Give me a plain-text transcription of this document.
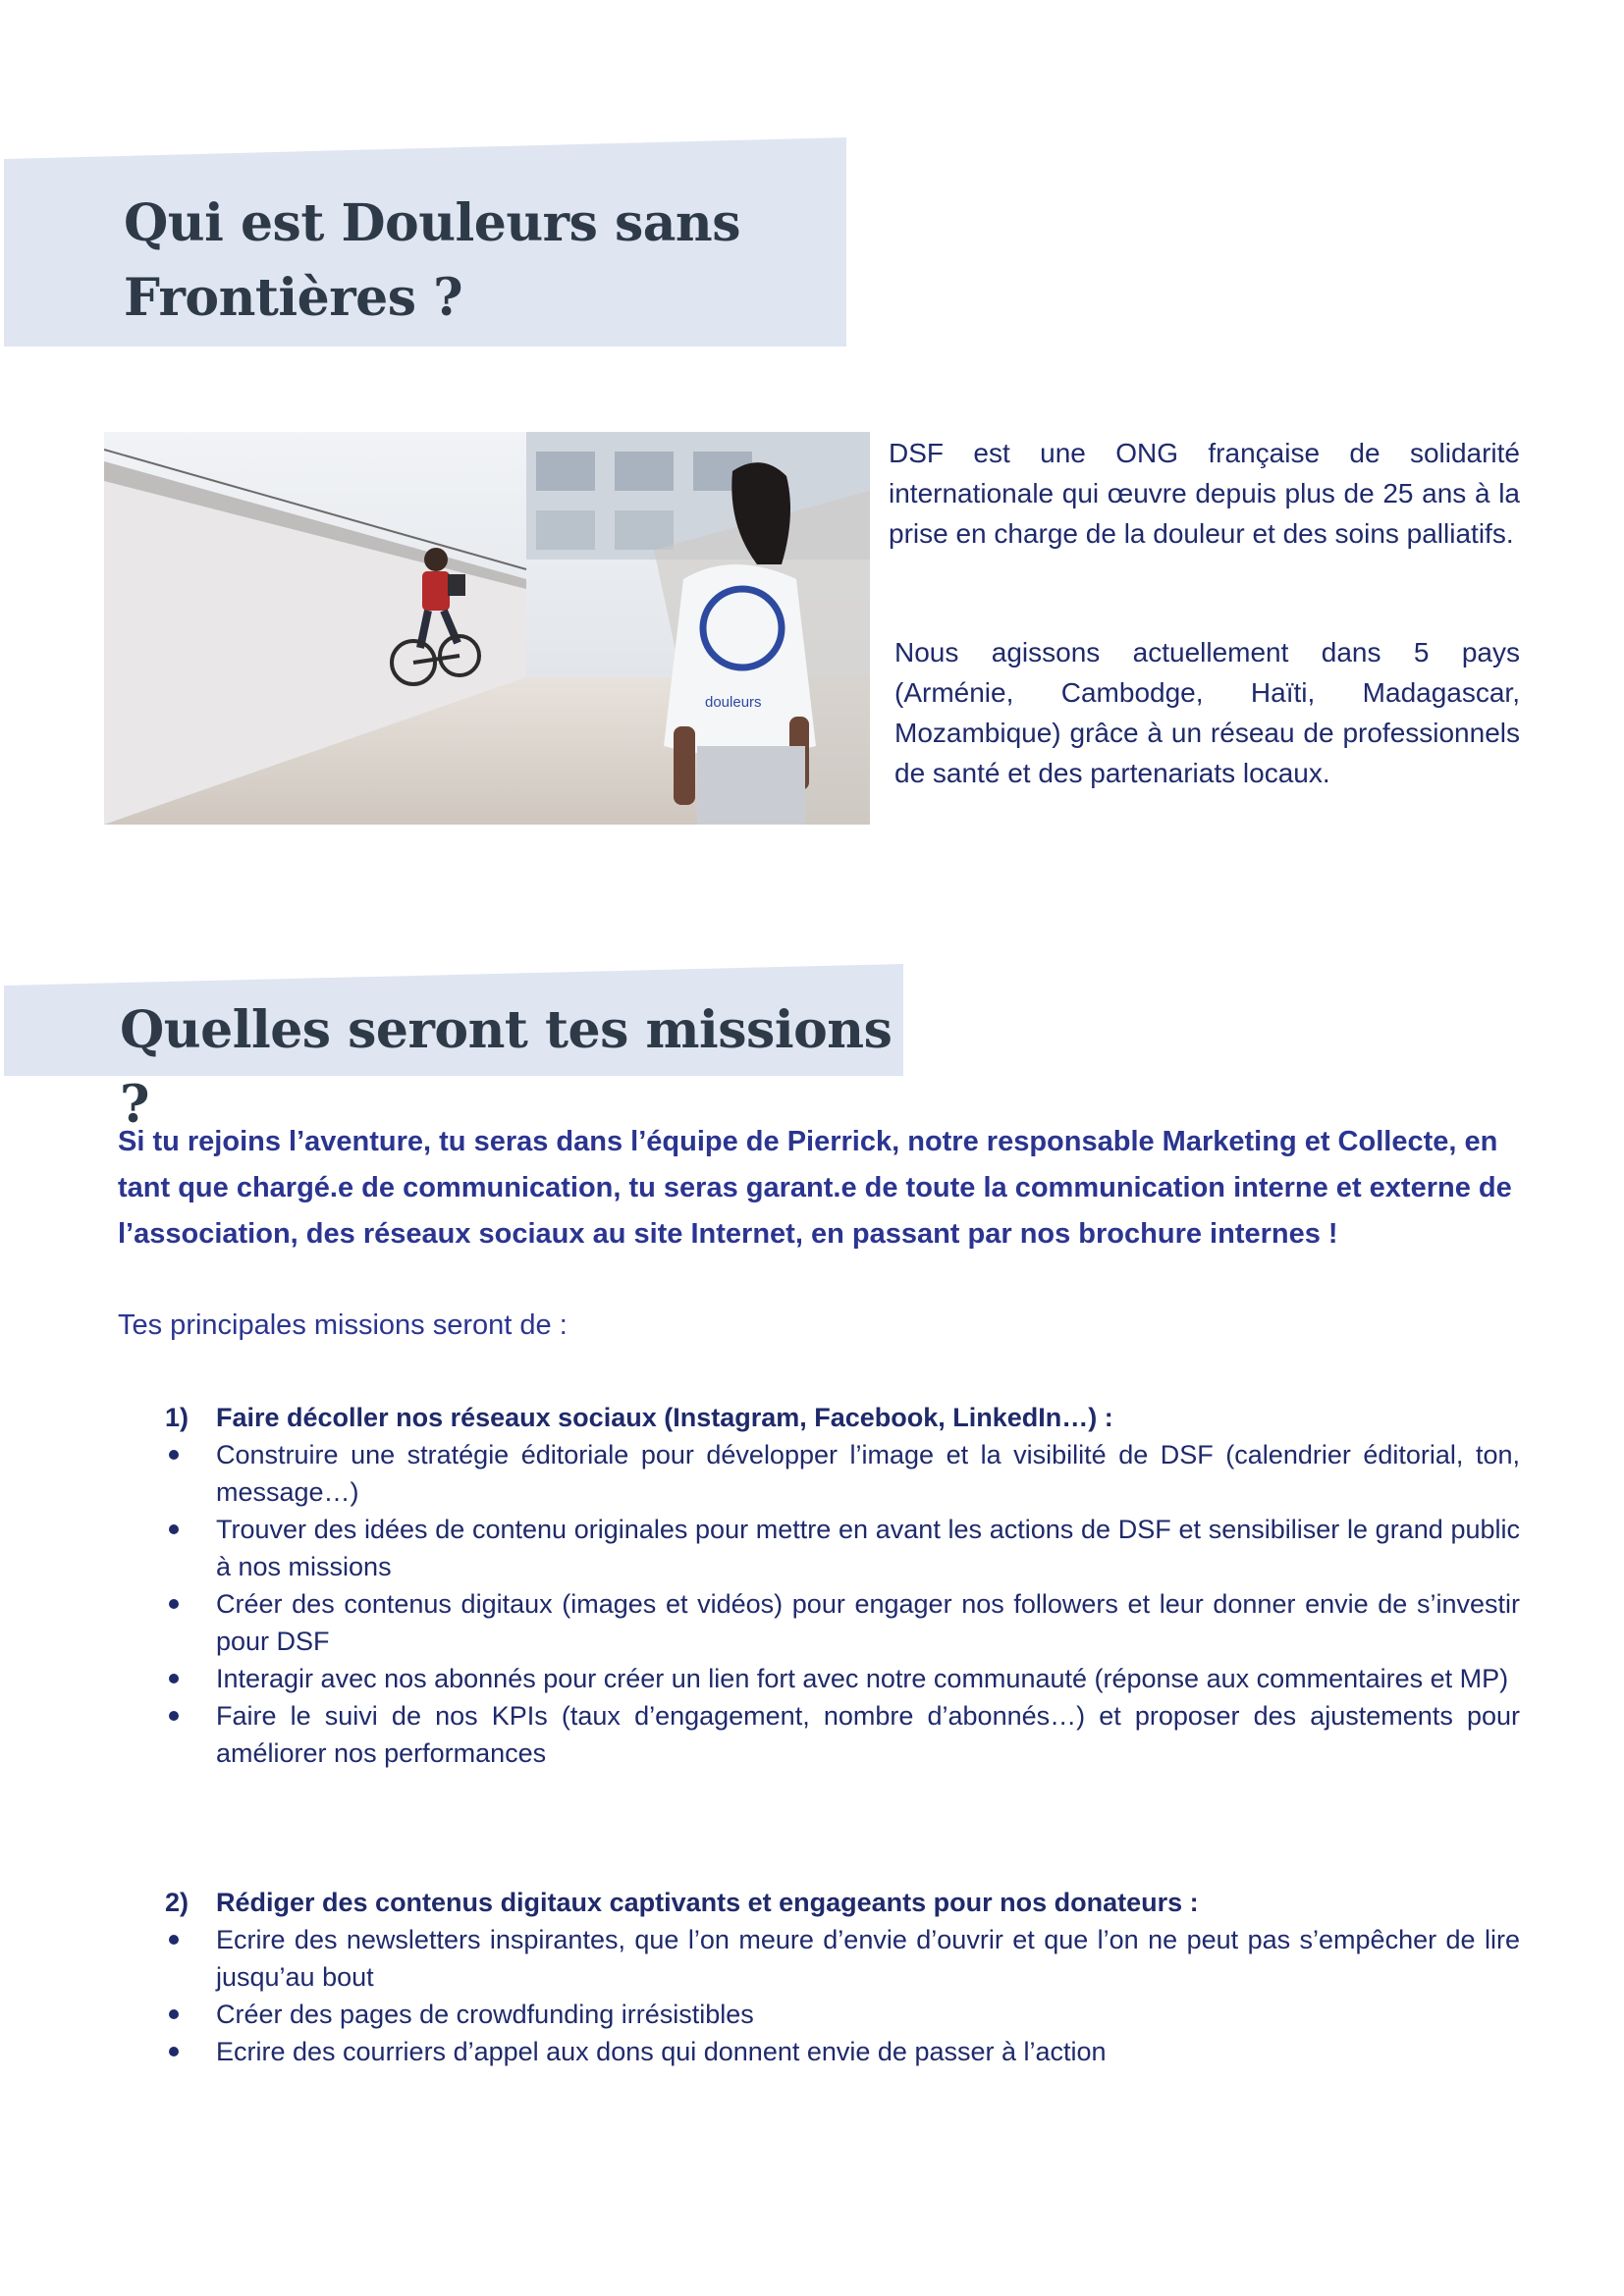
Qui est Douleurs sans Frontières ?
douleurs

DSF est une ONG française de solidarité internationale qui œuvre depuis plus de 25 ans à la prise en charge de la douleur et des soins palliatifs.

Nous agissons actuellement dans 5 pays (Arménie, Cambodge, Haïti, Madagascar, Mozambique) grâce à un réseau de professionnels de santé et des partenariats locaux.

Quelles seront tes missions ?

Si tu rejoins l’aventure, tu seras dans l’équipe de Pierrick, notre responsable Marketing et Collecte, en tant que chargé.e de communication, tu seras garant.e de toute la communication interne et externe de l’association, des réseaux sociaux au site Internet, en passant par nos brochure internes !

Tes principales missions seront de :

1) Faire décoller nos réseaux sociaux (Instagram, Facebook, LinkedIn…) :

Construire une stratégie éditoriale pour développer l’image et la visibilité de DSF (calendrier éditorial, ton, message…)
Trouver des idées de contenu originales pour mettre en avant les actions de DSF et sensibiliser le grand public à nos missions
Créer des contenus digitaux (images et vidéos) pour engager nos followers et leur donner envie de s’investir pour DSF
Interagir avec nos abonnés pour créer un lien fort avec notre communauté (réponse aux commentaires et MP)
Faire le suivi de nos KPIs (taux d’engagement, nombre d’abonnés…) et proposer des ajustements pour améliorer nos performances

2) Rédiger des contenus digitaux captivants et engageants pour nos donateurs :

Ecrire des newsletters inspirantes, que l’on meure d’envie d’ouvrir et que l’on ne peut pas s’empêcher de lire jusqu’au bout
Créer des pages de crowdfunding irrésistibles
Ecrire des courriers d’appel aux dons qui donnent envie de passer à l’action
